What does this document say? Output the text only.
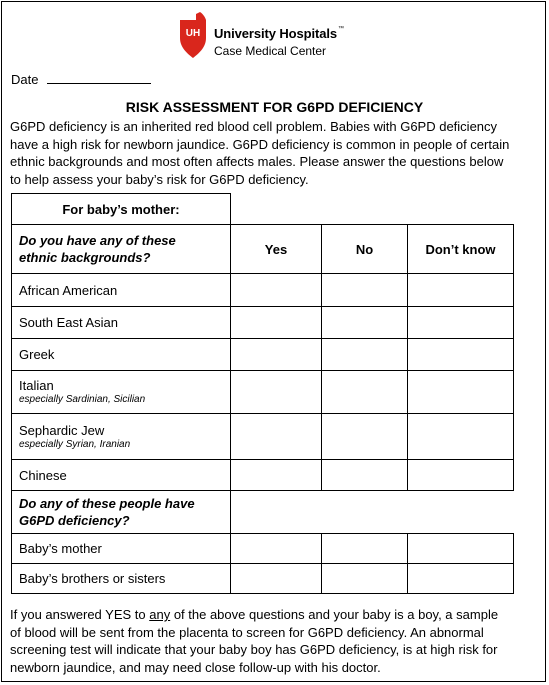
UH University Hospitals™
Case Medical Center
Date
RISK ASSESSMENT FOR G6PD DEFICIENCY
G6PD deficiency is an inherited red blood cell problem. Babies with G6PD deficiency
have a high risk for newborn jaundice. G6PD deficiency is common in people of certain
ethnic backgrounds and most often affects males. Please answer the questions below
to help assess your baby’s risk for G6PD deficiency.
For baby’s mother:			

Do you have any of these
ethnic backgrounds?	Yes	No	Don’t know
African American			
South East Asian			
Greek			
Italian
especially Sardinian, Sicilian			

Sephardic Jew
especially Syrian, Iranian			

Chinese			

Do any of these people have
G6PD deficiency?			

Baby’s mother			
Baby’s brothers or sisters			
If you answered YES to any of the above questions and your baby is a boy, a sample
of blood will be sent from the placenta to screen for G6PD deficiency. An abnormal
screening test will indicate that your baby boy has G6PD deficiency, is at high risk for
newborn jaundice, and may need close follow-up with his doctor.
